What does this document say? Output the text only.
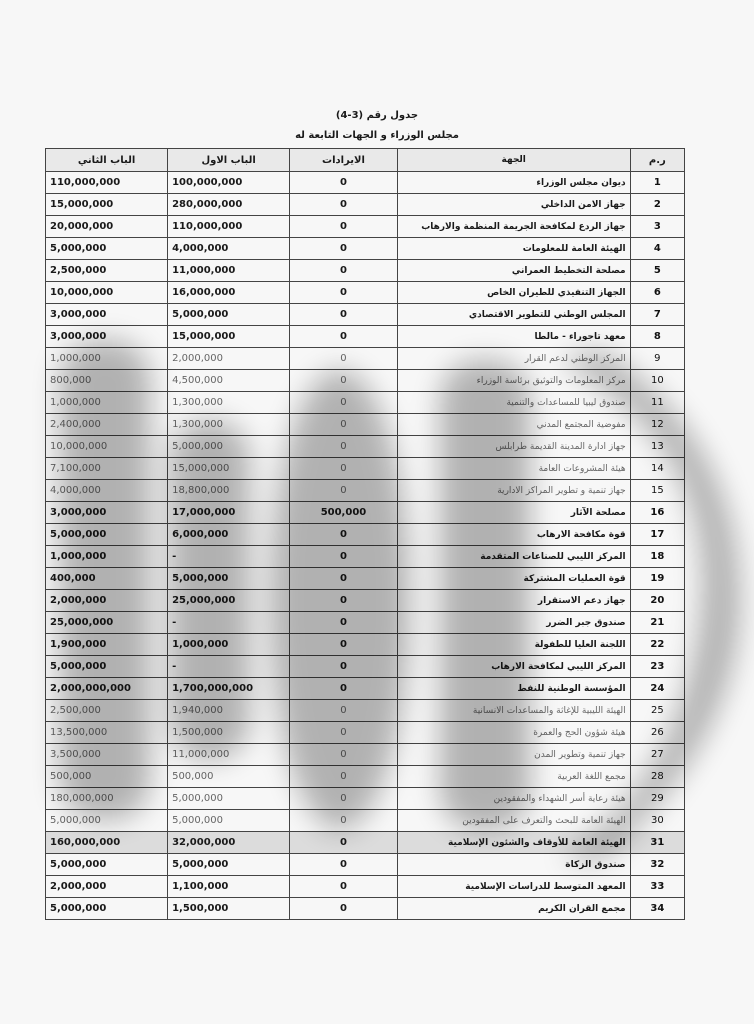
جدول رقم (3-4)
مجلس الوزراء و الجهات التابعة له
ر.م	الجهة	الايرادات	الباب الاول	الباب الثاني
1	ديوان مجلس الوزراء	0	100,000,000	110,000,000
2	جهاز الامن الداخلي	0	280,000,000	15,000,000
3	جهاز الردع لمكافحة الجريمة المنظمة والارهاب	0	110,000,000	20,000,000
4	الهيئة العامة للمعلومات	0	4,000,000	5,000,000
5	مصلحة التخطيط العمراني	0	11,000,000	2,500,000
6	الجهاز التنفيذي للطيران الخاص	0	16,000,000	10,000,000
7	المجلس الوطني للتطوير الاقتصادي	0	5,000,000	3,000,000
8	معهد تاجوراء - مالطا	0	15,000,000	3,000,000
9	المركز الوطني لدعم القرار	0	2,000,000	1,000,000
10	مركز المعلومات والتوثيق برئاسة الوزراء	0	4,500,000	800,000
11	صندوق ليبيا للمساعدات والتنمية	0	1,300,000	1,000,000
12	مفوضية المجتمع المدني	0	1,300,000	2,400,000
13	جهاز ادارة المدينة القديمة طرابلس	0	5,000,000	10,000,000
14	هيئة المشروعات العامة	0	15,000,000	7,100,000
15	جهاز تنمية و تطوير المراكز الادارية	0	18,800,000	4,000,000
16	مصلحة الآثار	500,000	17,000,000	3,000,000
17	قوة مكافحة الارهاب	0	6,000,000	5,000,000
18	المركز الليبي للصناعات المتقدمة	0	-	1,000,000
19	قوة العمليات المشتركة	0	5,000,000	400,000
20	جهاز دعم الاستقرار	0	25,000,000	2,000,000
21	صندوق جبر الضرر	0	-	25,000,000
22	اللجنة العليا للطفولة	0	1,000,000	1,900,000
23	المركز الليبي لمكافحة الارهاب	0	-	5,000,000
24	المؤسسة الوطنية للنفط	0	1,700,000,000	2,000,000,000
25	الهيئة الليبية للإغاثة والمساعدات الانسانية	0	1,940,000	2,500,000
26	هيئة شؤون الحج والعمرة	0	1,500,000	13,500,000
27	جهاز تنمية وتطوير المدن	0	11,000,000	3,500,000
28	مجمع اللغة العربية	0	500,000	500,000
29	هيئة رعاية أسر الشهداء والمفقودين	0	5,000,000	180,000,000
30	الهيئة العامة للبحث والتعرف على المفقودين	0	5,000,000	5,000,000
31	الهيئة العامة للأوقاف والشئون الإسلامية	0	32,000,000	160,000,000
32	صندوق الزكاة	0	5,000,000	5,000,000
33	المعهد المتوسط للدراسات الإسلامية	0	1,100,000	2,000,000
34	مجمع القران الكريم	0	1,500,000	5,000,000
